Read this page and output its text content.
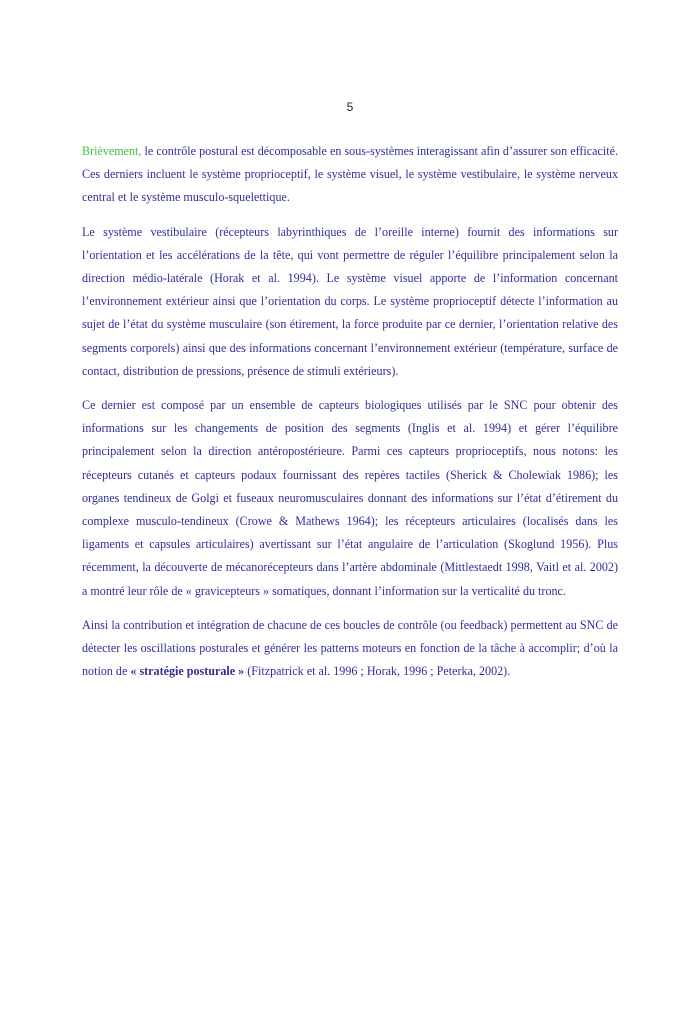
5

Brièvement, le contrôle postural est décomposable en sous-systèmes interagissant afin d’assurer son efficacité. Ces derniers incluent le système proprioceptif, le système visuel, le système vestibulaire, le système nerveux central et le système musculo-squelettique.

Le système vestibulaire (récepteurs labyrinthiques de l’oreille interne) fournit des informations sur l’orientation et les accélérations de la tête, qui vont permettre de réguler l’équilibre principalement selon la direction médio-latérale (Horak et al. 1994). Le système visuel apporte de l’information concernant l’environnement extérieur ainsi que l’orientation du corps. Le système proprioceptif détecte l’information au sujet de l’état du système musculaire (son étirement, la force produite par ce dernier, l’orientation relative des segments corporels) ainsi que des informations concernant l’environnement extérieur (température, surface de contact, distribution de pressions, présence de stimuli extérieurs).

Ce dernier est composé par un ensemble de capteurs biologiques utilisés par le SNC pour obtenir des informations sur les changements de position des segments (Inglis et al. 1994) et gérer l’équilibre principalement selon la direction antéropostérieure. Parmi ces capteurs proprioceptifs, nous notons: les récepteurs cutanés et capteurs podaux fournissant des repères tactiles (Sherick & Cholewiak 1986); les organes tendineux de Golgi et fuseaux neuromusculaires donnant des informations sur l’état d’étirement du complexe musculo-tendineux (Crowe & Mathews 1964); les récepteurs articulaires (localisés dans les ligaments et capsules articulaires) avertissant sur l’état angulaire de l’articulation (Skoglund 1956). Plus récemment, la découverte de mécanorécepteurs dans l’artère abdominale (Mittlestaedt 1998, Vaitl et al. 2002) a montré leur rôle de « gravicepteurs » somatiques, donnant l’information sur la verticalité du tronc.

Ainsi la contribution et intégration de chacune de ces boucles de contrôle (ou feedback) permettent au SNC de détecter les oscillations posturales et générer les patterns moteurs en fonction de la tâche à accomplir; d’où la notion de « stratégie posturale » (Fitzpatrick et al. 1996 ; Horak, 1996 ; Peterka, 2002).
